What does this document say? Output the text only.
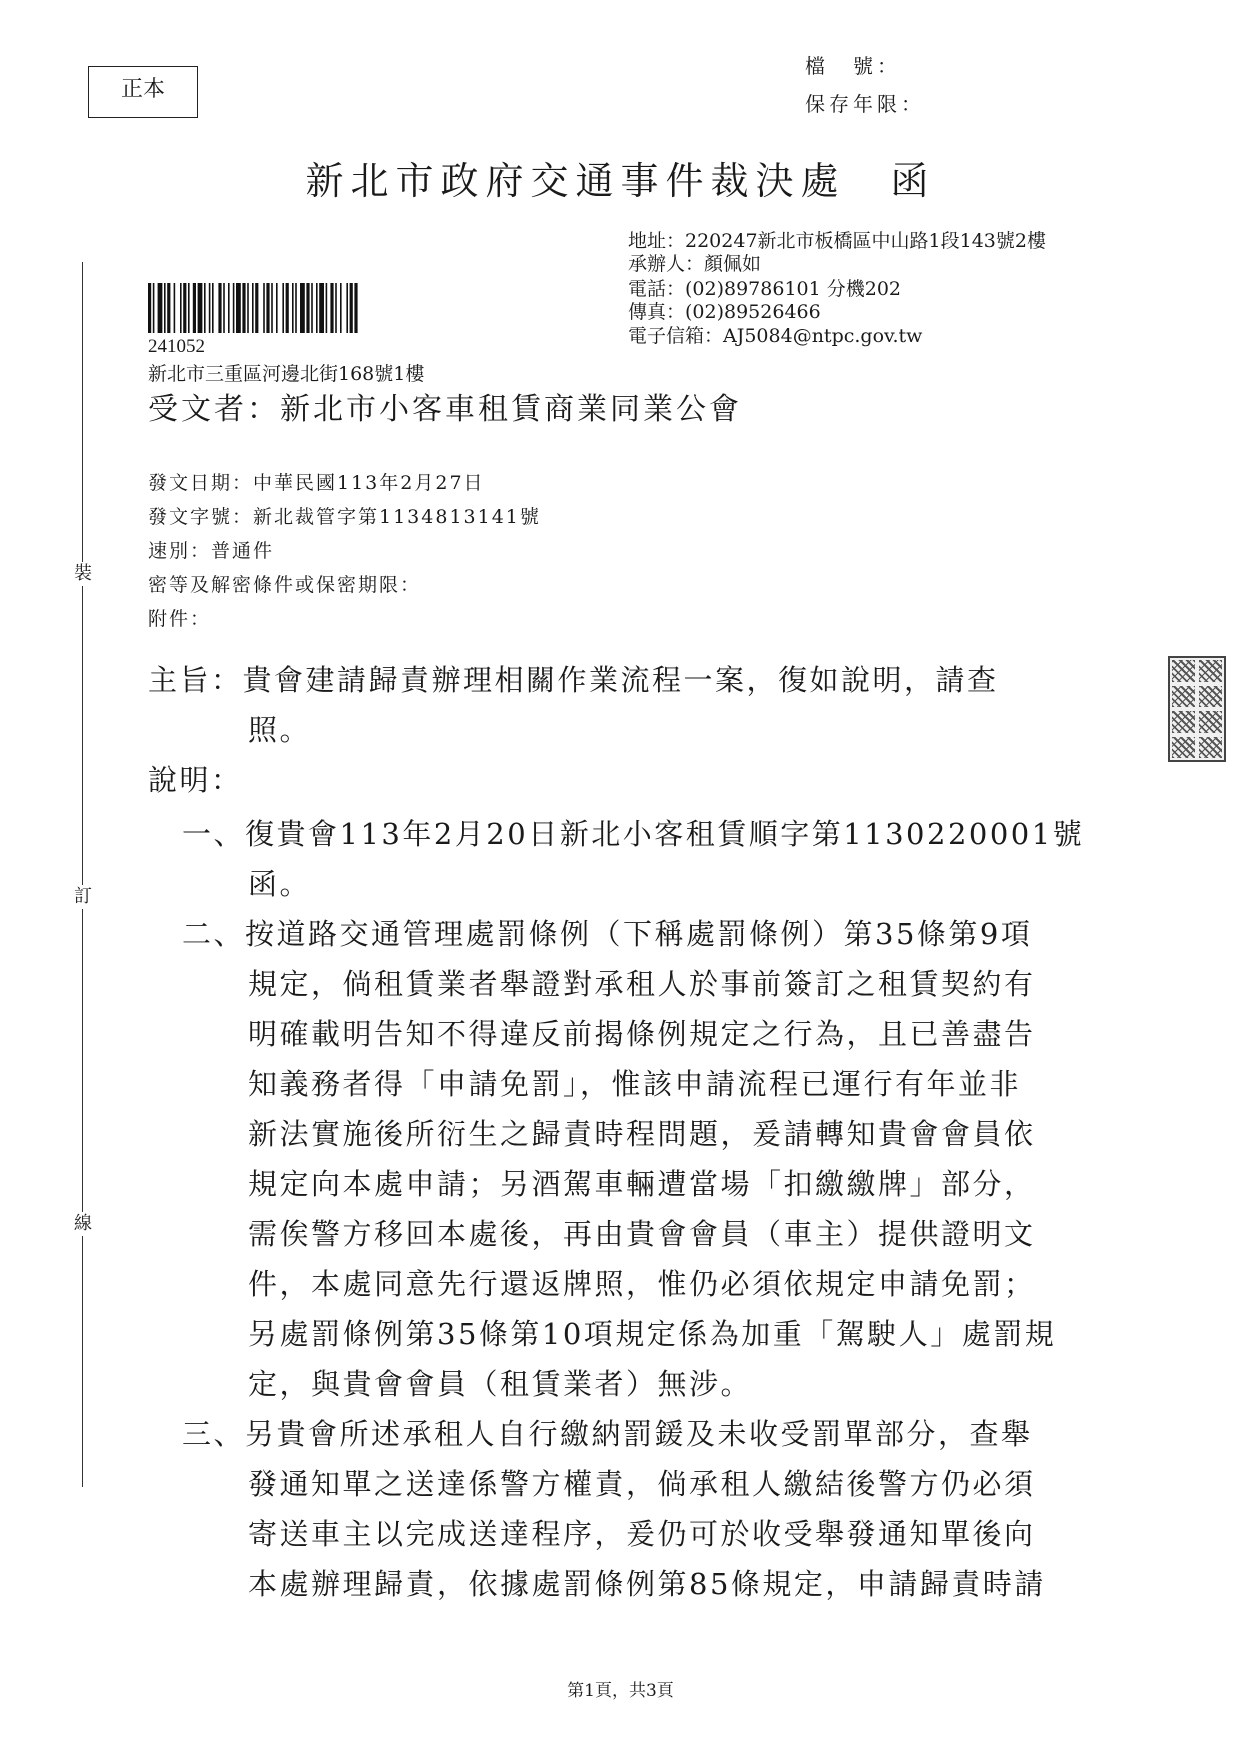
正本
檔　號：
保存年限：
新北市政府交通事件裁決處　函
地址：220247新北市板橋區中山路1段143號2樓
承辦人：顏佩如
電話：(02)89786101 分機202
傳真：(02)89526466
電子信箱：AJ5084@ntpc.gov.tw
241052
新北市三重區河邊北街168號1樓
受文者：新北市小客車租賃商業同業公會
發文日期：中華民國113年2月27日
發文字號：新北裁管字第1134813141號
速別：普通件
密等及解密條件或保密期限：
附件：
主旨：貴會建請歸責辦理相關作業流程一案，復如說明，請查
照。
說明：
一、復貴會113年2月20日新北小客租賃順字第1130220001號
函。
二、按道路交通管理處罰條例（下稱處罰條例）第35條第9項
規定，倘租賃業者舉證對承租人於事前簽訂之租賃契約有
明確載明告知不得違反前揭條例規定之行為，且已善盡告
知義務者得「申請免罰」，惟該申請流程已運行有年並非
新法實施後所衍生之歸責時程問題，爰請轉知貴會會員依
規定向本處申請；另酒駕車輛遭當場「扣繳繳牌」部分，
需俟警方移回本處後，再由貴會會員（車主）提供證明文
件，本處同意先行還返牌照，惟仍必須依規定申請免罰；
另處罰條例第35條第10項規定係為加重「駕駛人」處罰規
定，與貴會會員（租賃業者）無涉。
三、另貴會所述承租人自行繳納罰鍰及未收受罰單部分，查舉
發通知單之送達係警方權責，倘承租人繳結後警方仍必須
寄送車主以完成送達程序，爰仍可於收受舉發通知單後向
本處辦理歸責，依據處罰條例第85條規定，申請歸責時請
裝
訂
線
第1頁，共3頁
